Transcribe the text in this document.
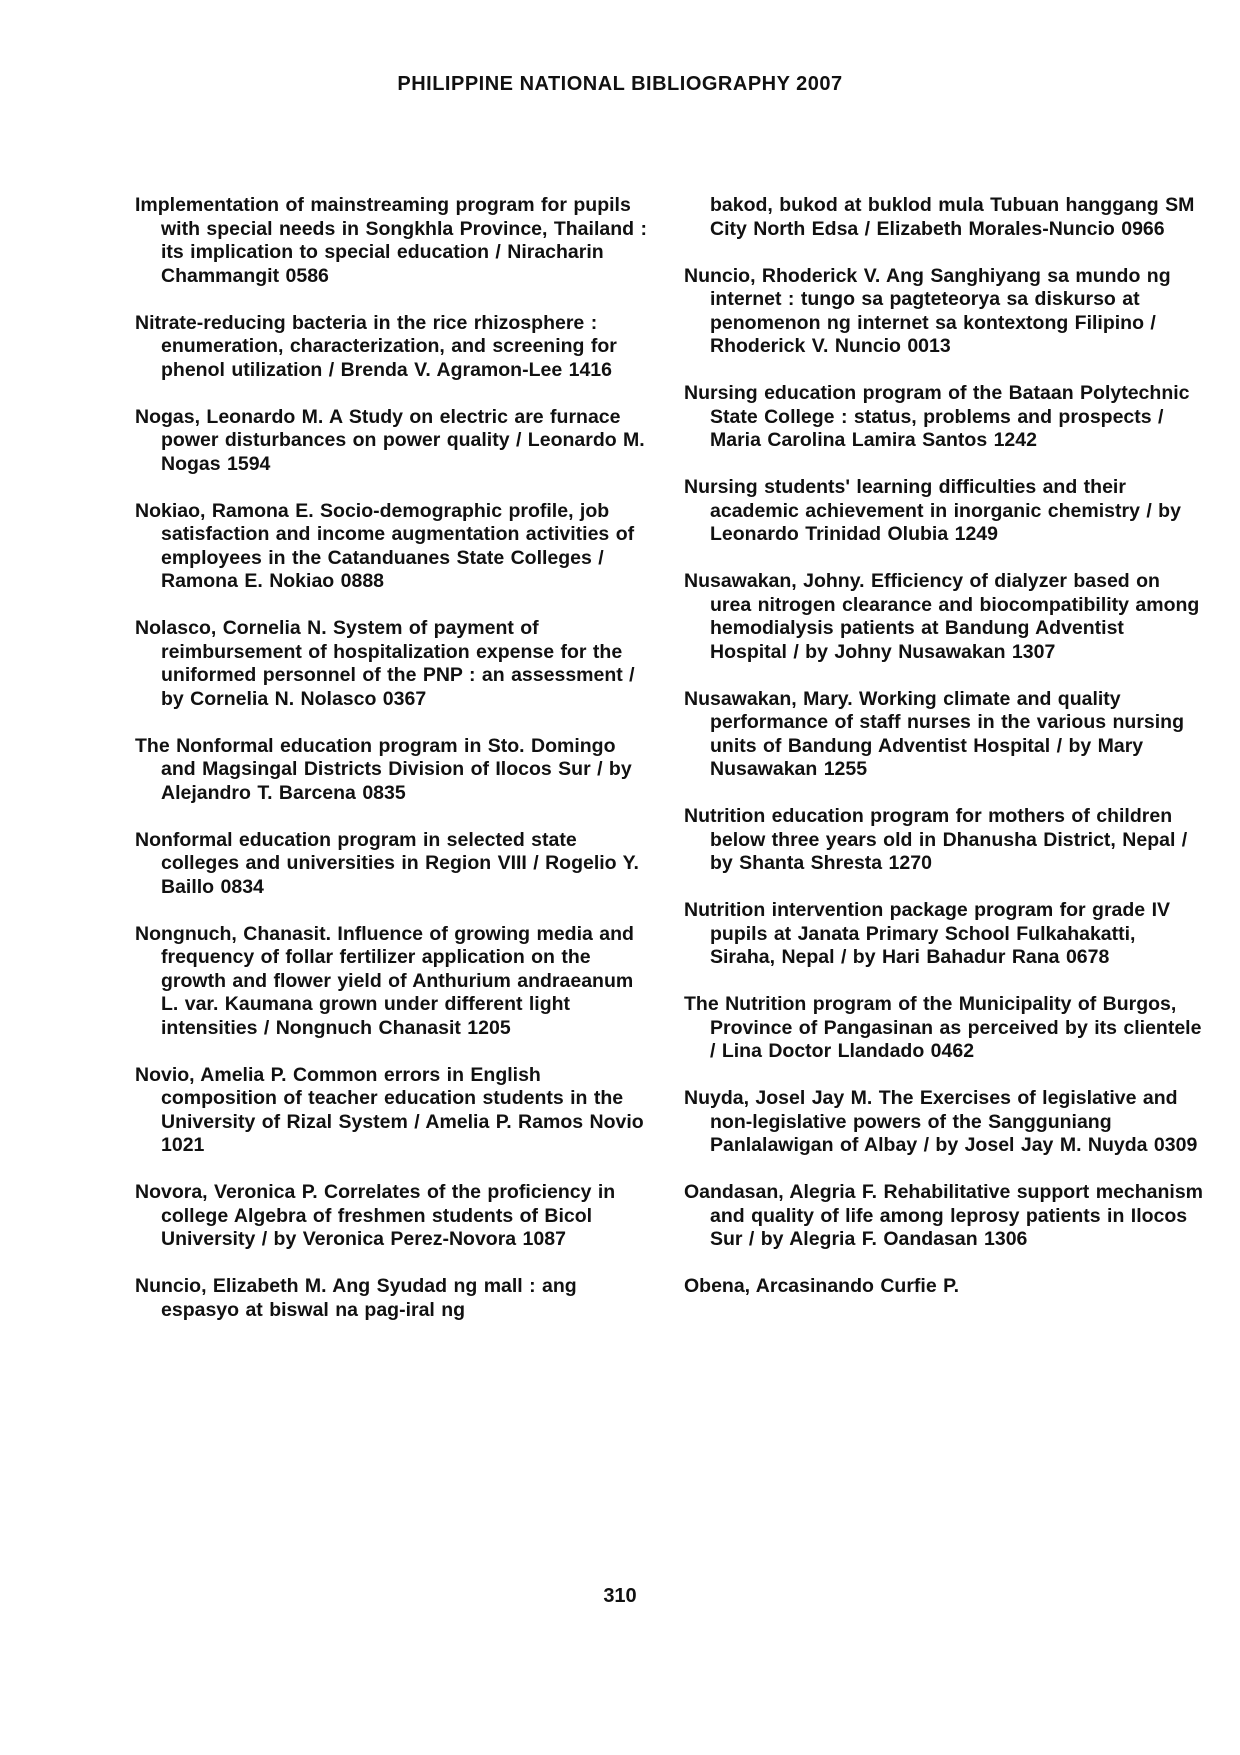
PHILIPPINE NATIONAL BIBLIOGRAPHY 2007

Implementation of mainstreaming program for pupils with special needs in Songkhla Province, Thailand : its implication to special education / Niracharin Chammangit 0586

Nitrate-reducing bacteria in the rice rhizosphere : enumeration, characterization, and screening for phenol utilization / Brenda V. Agramon-Lee 1416

Nogas, Leonardo M. A Study on electric are furnace power disturbances on power quality / Leonardo M. Nogas 1594

Nokiao, Ramona E. Socio-demographic profile, job satisfaction and income augmentation activities of employees in the Catanduanes State Colleges / Ramona E. Nokiao 0888

Nolasco, Cornelia N. System of payment of reimbursement of hospitalization expense for the uniformed personnel of the PNP : an assessment / by Cornelia N. Nolasco 0367

The Nonformal education program in Sto. Domingo and Magsingal Districts Division of Ilocos Sur / by Alejandro T. Barcena 0835

Nonformal education program in selected state colleges and universities in Region VIII / Rogelio Y. Baillo 0834

Nongnuch, Chanasit. Influence of growing media and frequency of follar fertilizer application on the growth and flower yield of Anthurium andraeanum L. var. Kaumana grown under different light intensities / Nongnuch Chanasit 1205

Novio, Amelia P. Common errors in English composition of teacher education students in the University of Rizal System / Amelia P. Ramos Novio 1021

Novora, Veronica P. Correlates of the proficiency in college Algebra of freshmen students of Bicol University / by Veronica Perez-Novora 1087

Nuncio, Elizabeth M. Ang Syudad ng mall : ang espasyo at biswal na pag-iral ng

bakod, bukod at buklod mula Tubuan hanggang SM City North Edsa / Elizabeth Morales-Nuncio 0966

Nuncio, Rhoderick V. Ang Sanghiyang sa mundo ng internet : tungo sa pagteteorya sa diskurso at penomenon ng internet sa kontextong Filipino / Rhoderick V. Nuncio 0013

Nursing education program of the Bataan Polytechnic State College : status, problems and prospects / Maria Carolina Lamira Santos 1242

Nursing students' learning difficulties and their academic achievement in inorganic chemistry / by Leonardo Trinidad Olubia 1249

Nusawakan, Johny. Efficiency of dialyzer based on urea nitrogen clearance and biocompatibility among hemodialysis patients at Bandung Adventist Hospital / by Johny Nusawakan 1307

Nusawakan, Mary. Working climate and quality performance of staff nurses in the various nursing units of Bandung Adventist Hospital / by Mary Nusawakan 1255

Nutrition education program for mothers of children below three years old in Dhanusha District, Nepal / by Shanta Shresta 1270

Nutrition intervention package program for grade IV pupils at Janata Primary School Fulkahakatti, Siraha, Nepal / by Hari Bahadur Rana 0678

The Nutrition program of the Municipality of Burgos, Province of Pangasinan as perceived by its clientele / Lina Doctor Llandado 0462

Nuyda, Josel Jay M. The Exercises of legislative and non-legislative powers of the Sangguniang Panlalawigan of Albay / by Josel Jay M. Nuyda 0309

Oandasan, Alegria F. Rehabilitative support mechanism and quality of life among leprosy patients in Ilocos Sur / by Alegria F. Oandasan 1306

Obena, Arcasinando Curfie P.

310
